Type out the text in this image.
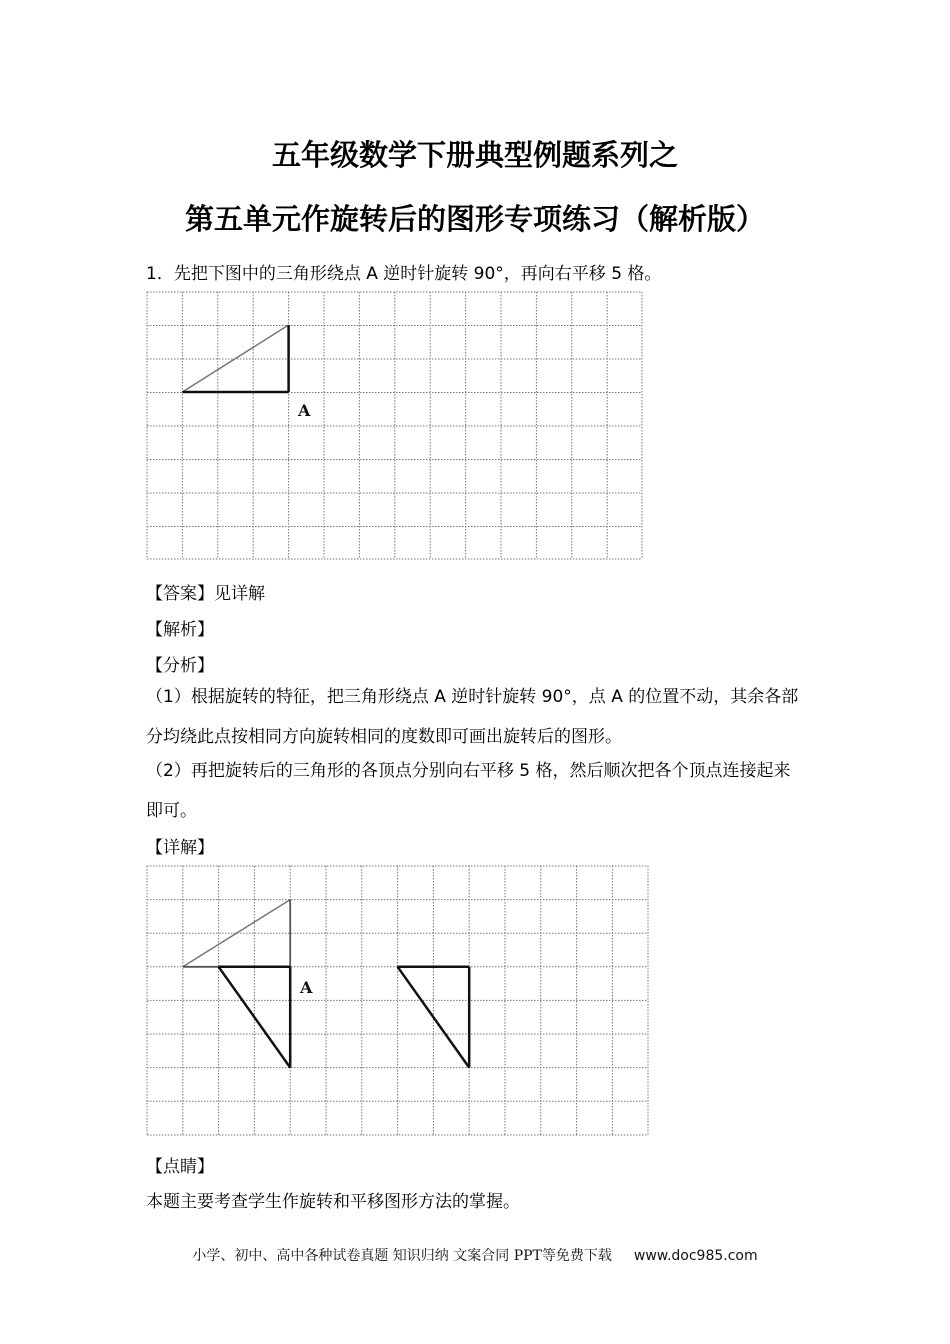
五年级数学下册典型例题系列之
第五单元作旋转后的图形专项练习（解析版）
1．先把下图中的三角形绕点 A 逆时针旋转 90°，再向右平移 5 格。
A
【答案】见详解
【解析】
【分析】
（1）根据旋转的特征，把三角形绕点 A 逆时针旋转 90°，点 A 的位置不动，其余各部分均绕此点按相同方向旋转相同的度数即可画出旋转后的图形。
（2）再把旋转后的三角形的各顶点分别向右平移 5 格，然后顺次把各个顶点连接起来即可。
【详解】
A
【点睛】
本题主要考查学生作旋转和平移图形方法的掌握。
小学、初中、高中各种试卷真题 知识归纳 文案合同 PPT等免费下载 www.doc985.com
